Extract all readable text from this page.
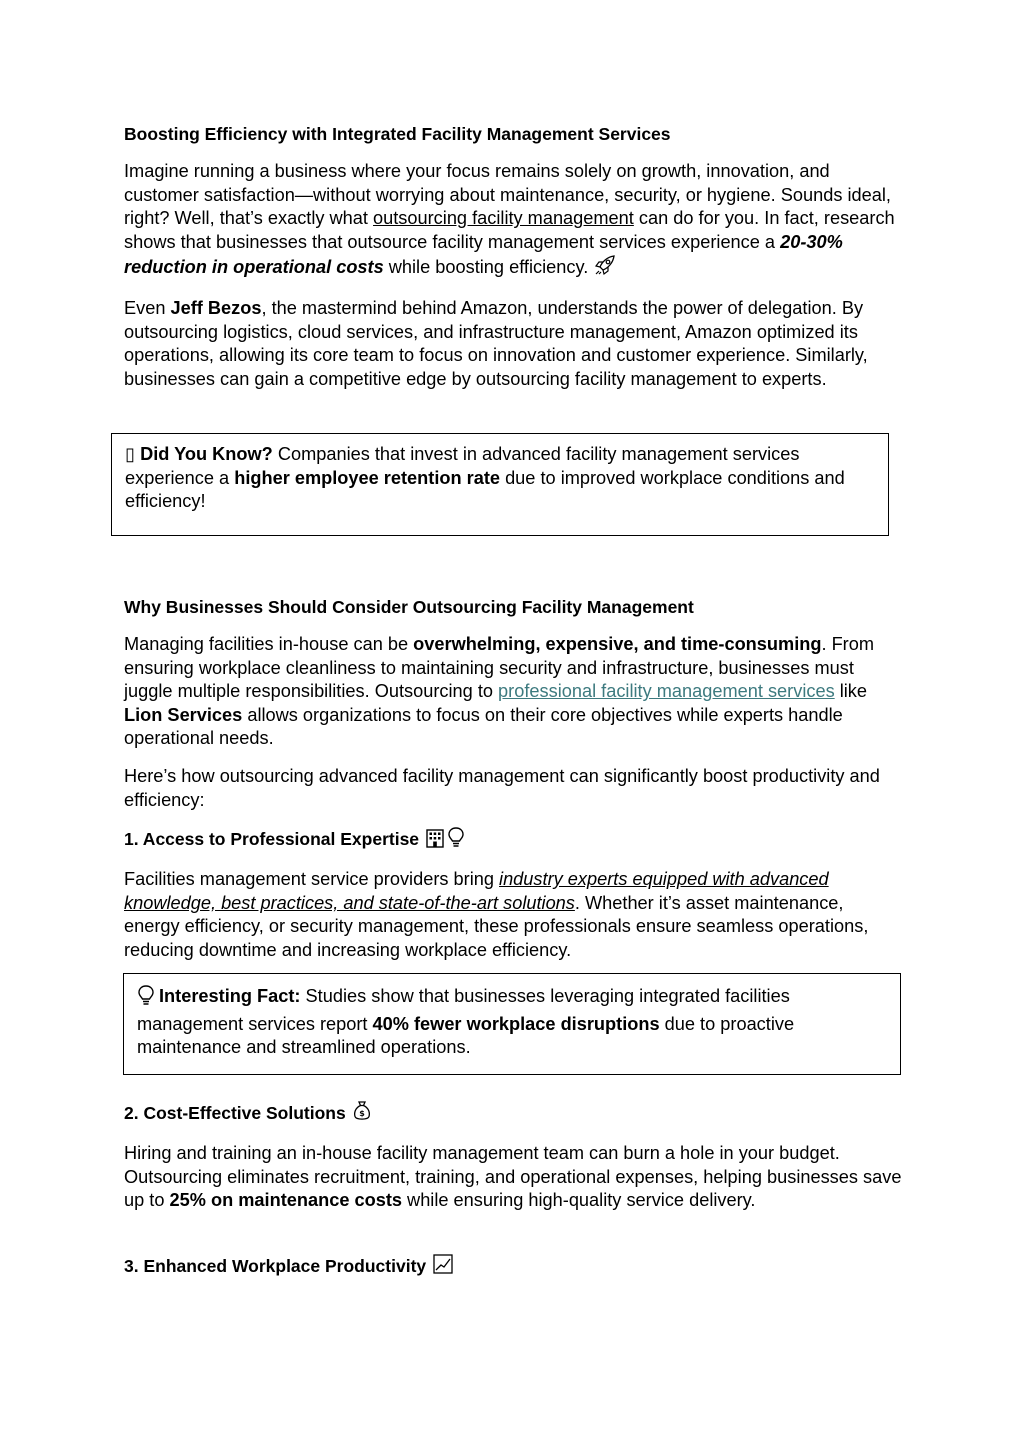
Boosting Efficiency with Integrated Facility Management Services

Imagine running a business where your focus remains solely on growth, innovation, and customer satisfaction—without worrying about maintenance, security, or hygiene. Sounds ideal, right? Well, that’s exactly what outsourcing facility management can do for you. In fact, research shows that businesses that outsource facility management services experience a 20-30% reduction in operational costs while boosting efficiency.

Even Jeff Bezos, the mastermind behind Amazon, understands the power of delegation. By outsourcing logistics, cloud services, and infrastructure management, Amazon optimized its operations, allowing its core team to focus on innovation and customer experience. Similarly, businesses can gain a competitive edge by outsourcing facility management to experts.

▯ Did You Know? Companies that invest in advanced facility management services experience a higher employee retention rate due to improved workplace conditions and efficiency!

Why Businesses Should Consider Outsourcing Facility Management

Managing facilities in-house can be overwhelming, expensive, and time-consuming. From ensuring workplace cleanliness to maintaining security and infrastructure, businesses must juggle multiple responsibilities. Outsourcing to professional facility management services like Lion Services allows organizations to focus on their core objectives while experts handle operational needs.

Here’s how outsourcing advanced facility management can significantly boost productivity and efficiency:

1. Access to Professional Expertise

Facilities management service providers bring industry experts equipped with advanced knowledge, best practices, and state-of-the-art solutions. Whether it’s asset maintenance, energy efficiency, or security management, these professionals ensure seamless operations, reducing downtime and increasing workplace efficiency.

Interesting Fact: Studies show that businesses leveraging integrated facilities management services report 40% fewer workplace disruptions due to proactive maintenance and streamlined operations.

2. Cost-Effective Solutions $

Hiring and training an in-house facility management team can burn a hole in your budget. Outsourcing eliminates recruitment, training, and operational expenses, helping businesses save up to 25% on maintenance costs while ensuring high-quality service delivery.

3. Enhanced Workplace Productivity
